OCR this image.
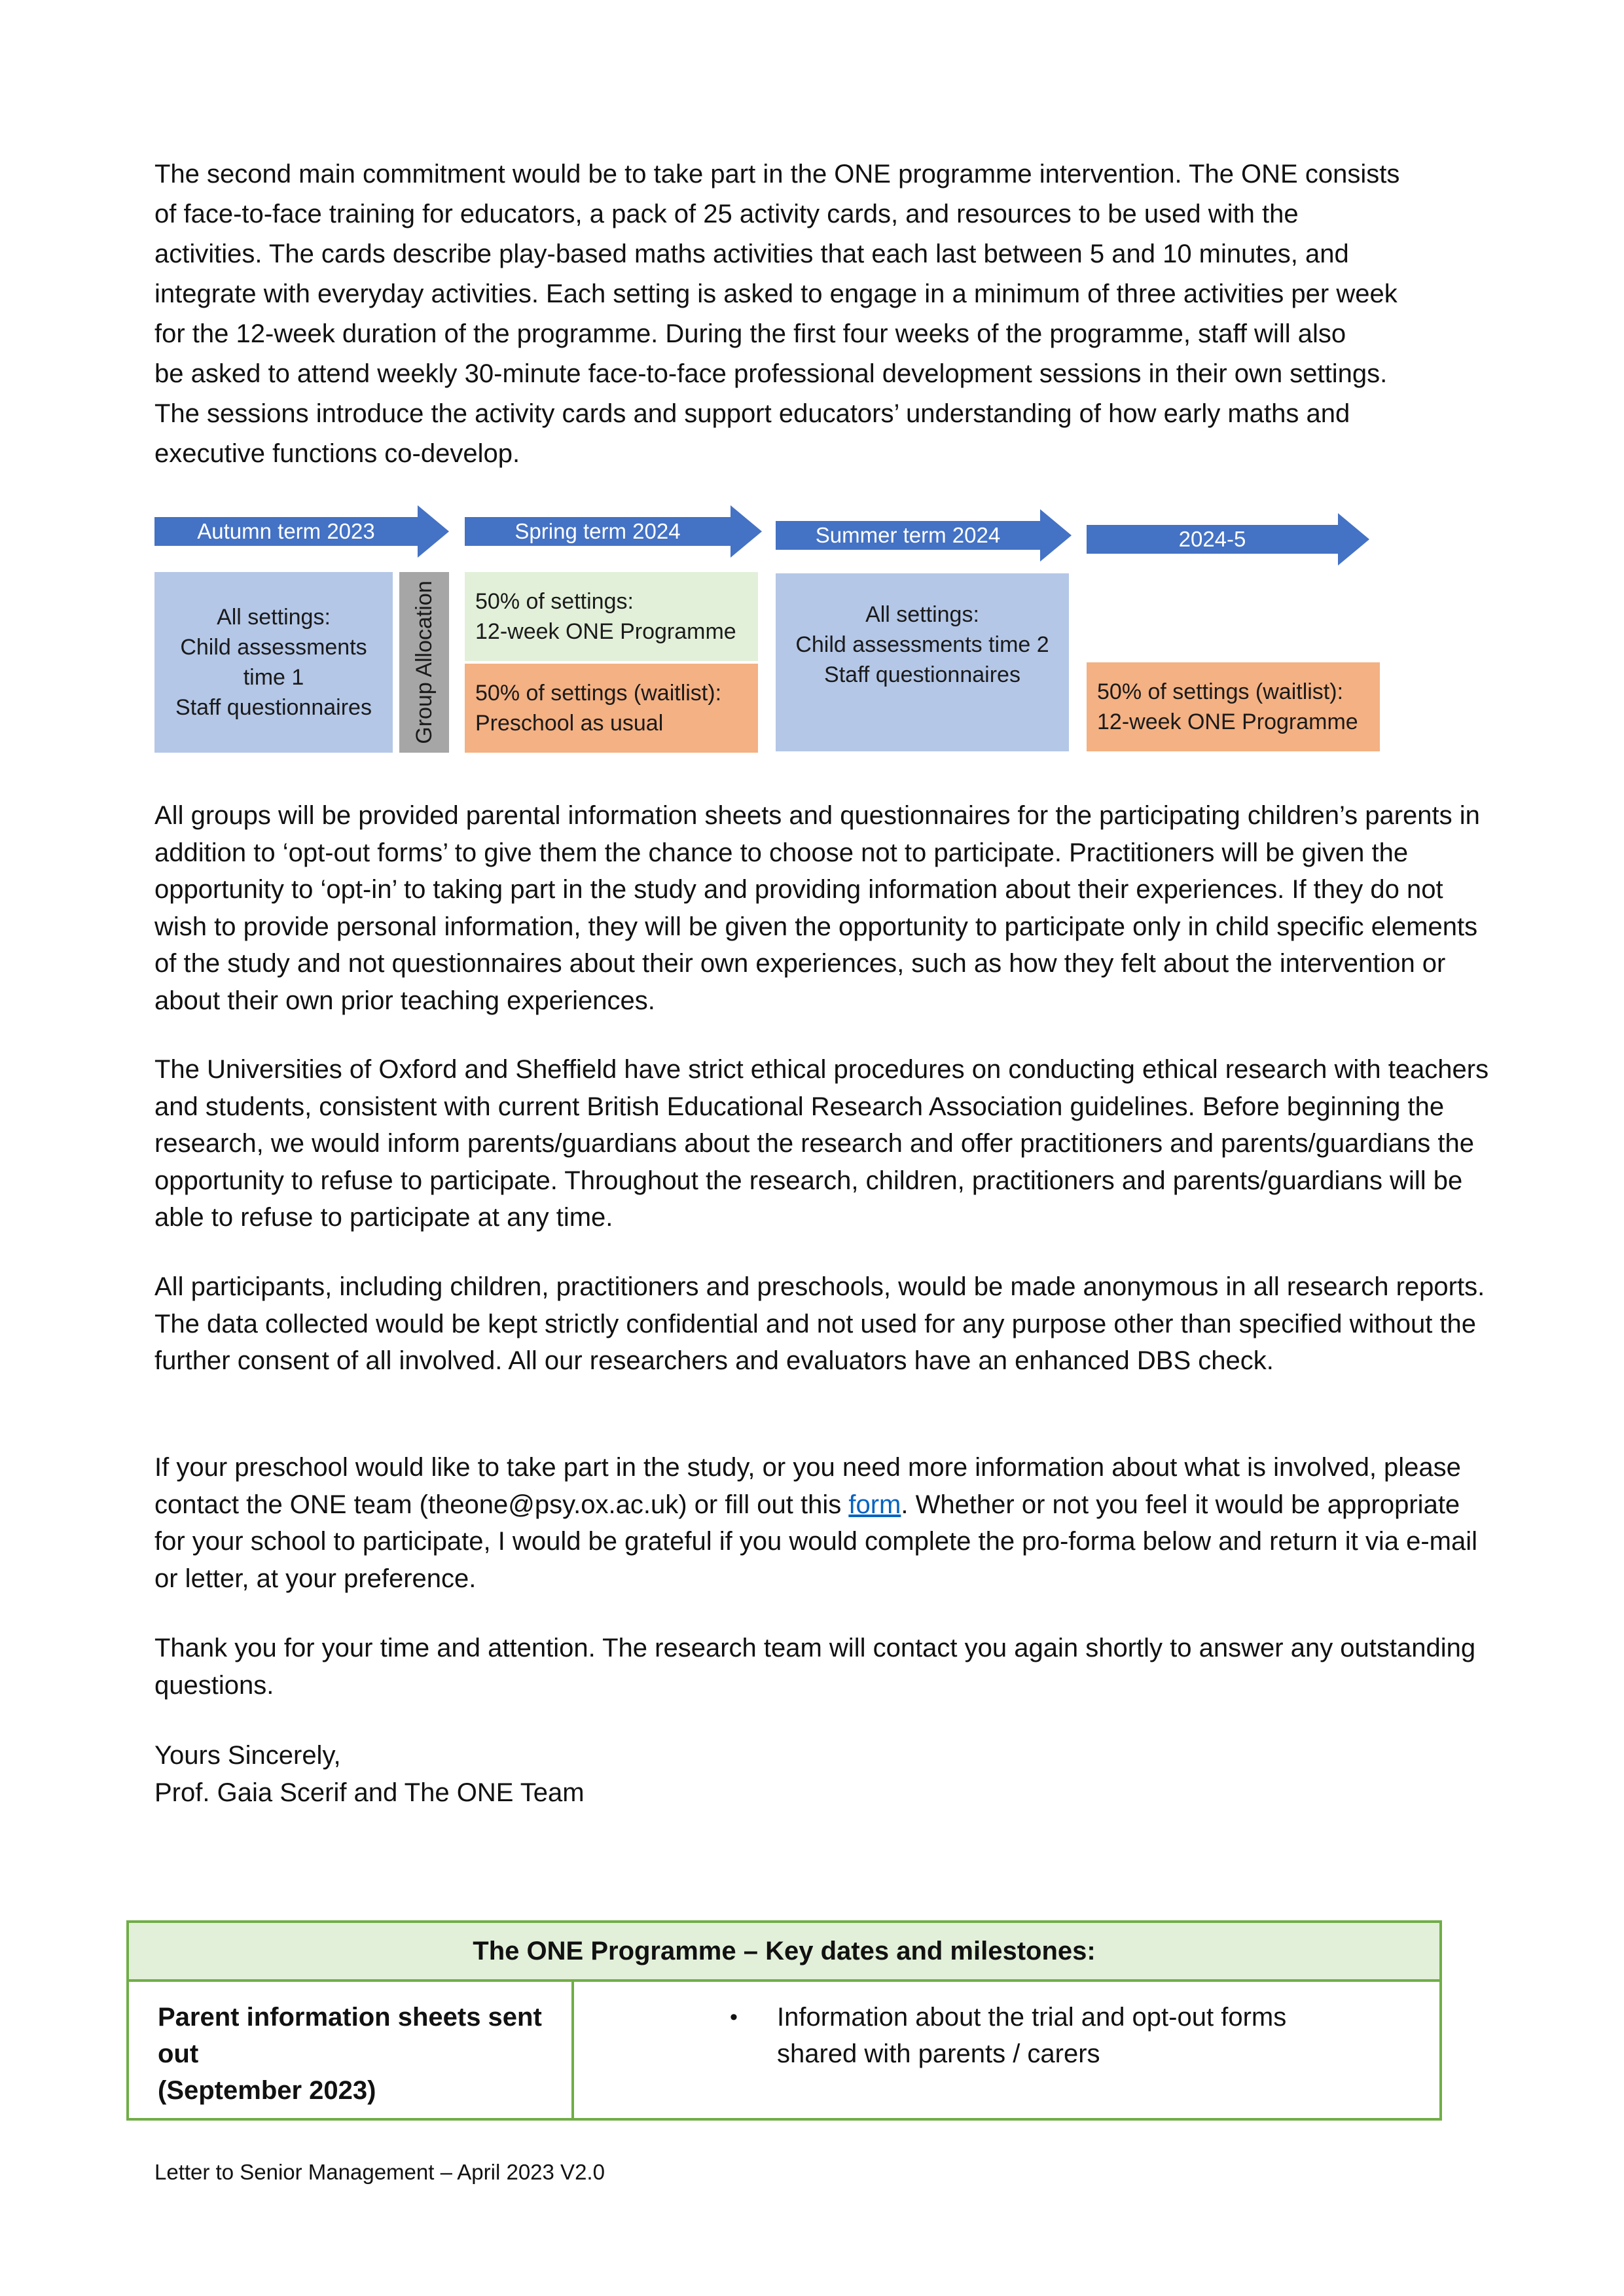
The second main commitment would be to take part in the ONE programme intervention. The ONE consists
of face-to-face training for educators, a pack of 25 activity cards, and resources to be used with the
activities. The cards describe play-based maths activities that each last between 5 and 10 minutes, and
integrate with everyday activities. Each setting is asked to engage in a minimum of three activities per week
for the 12-week duration of the programme. During the first four weeks of the programme, staff will also
be asked to attend weekly 30-minute face-to-face professional development sessions in their own settings.
The sessions introduce the activity cards and support educators’ understanding of how early maths and
executive functions co-develop.
Autumn term 2023	Spring term 2024	Summer term 2024	2024-5
All settings:
Child assessments
time 1
Staff questionnaires Group Allocation 50% of settings:
12-week ONE Programme
50% of settings (waitlist):
Preschool as usual
All settings:
Child assessments time 2
Staff questionnaires
50% of settings (waitlist):
12-week ONE Programme

All groups will be provided parental information sheets and questionnaires for the participating children’s parents in addition to ‘opt-out forms’ to give them the chance to choose not to participate. Practitioners will be given the opportunity to ‘opt-in’ to taking part in the study and providing information about their experiences. If they do not wish to provide personal information, they will be given the opportunity to participate only in child specific elements of the study and not questionnaires about their own experiences, such as how they felt about the intervention or about their own prior teaching experiences.

The Universities of Oxford and Sheffield have strict ethical procedures on conducting ethical research with teachers and students, consistent with current British Educational Research Association guidelines. Before beginning the research, we would inform parents/guardians about the research and offer practitioners and parents/guardians the opportunity to refuse to participate. Throughout the research, children, practitioners and parents/guardians will be able to refuse to participate at any time.

All participants, including children, practitioners and preschools, would be made anonymous in all research reports. The data collected would be kept strictly confidential and not used for any purpose other than specified without the further consent of all involved. All our researchers and evaluators have an enhanced DBS check.

If your preschool would like to take part in the study, or you need more information about what is involved, please contact the ONE team (theone@psy.ox.ac.uk) or fill out this form. Whether or not you feel it would be appropriate for your school to participate, I would be grateful if you would complete the pro-forma below and return it via e-mail or letter, at your preference.

Thank you for your time and attention. The research team will contact you again shortly to answer any outstanding questions.

Yours Sincerely,
Prof. Gaia Scerif and The ONE Team
The ONE Programme – Key dates and milestones:
Parent information sheets sent
out
(September 2023)
• Information about the trial and opt-out forms
shared with parents / carers
Letter to Senior Management – April 2023 V2.0
